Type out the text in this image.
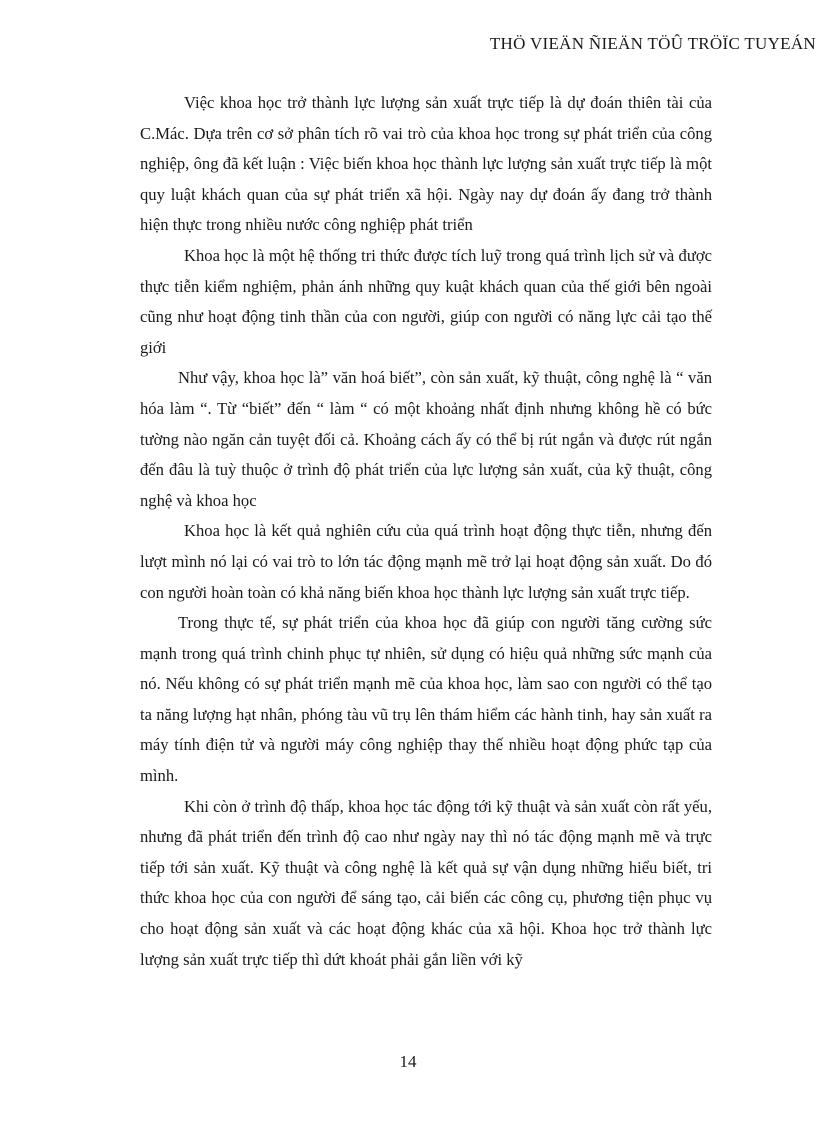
THÖ VIEÄN ÑIEÄN TÖÛ TRÖÏC TUYEÁN

Việc khoa học trở thành lực lượng sản xuất trực tiếp là dự đoán thiên tài của C.Mác. Dựa trên cơ sở phân tích rõ vai trò của khoa học trong sự phát triển của công nghiệp, ông đã kết luận : Việc biến khoa học thành lực lượng sản xuất trực tiếp là một quy luật khách quan của sự phát triển xã hội. Ngày nay dự đoán ấy đang trở thành hiện thực trong nhiều nước công nghiệp phát triển

Khoa học là một hệ thống tri thức được tích luỹ trong quá trình lịch sử và được thực tiễn kiểm nghiệm, phản ánh những quy kuật khách quan của thế giới bên ngoài cũng như hoạt động tinh thần của con người, giúp con người có năng lực cải tạo thế giới

Như vậy, khoa học là” văn hoá biết”, còn sản xuất, kỹ thuật, công nghệ là “ văn hóa làm “. Từ “biết” đến “ làm “ có một khoảng nhất định nhưng không hề có bức tường nào ngăn cản tuyệt đối cả. Khoảng cách ấy có thể bị rút ngắn và được rút ngắn đến đâu là tuỳ thuộc ở trình độ phát triển của lực lượng sản xuất, của kỹ thuật, công nghệ và khoa học

Khoa học là kết quả nghiên cứu của quá trình hoạt động thực tiễn, nhưng đến lượt mình nó lại có vai trò to lớn tác động mạnh mẽ trở lại hoạt động sản xuất. Do đó con người hoàn toàn có khả năng biến khoa học thành lực lượng sản xuất trực tiếp.

Trong thực tế, sự phát triển của khoa học đã giúp con người tăng cường sức mạnh trong quá trình chinh phục tự nhiên, sử dụng có hiệu quả những sức mạnh của nó. Nếu không có sự phát triển mạnh mẽ của khoa học, làm sao con người có thể tạo ta năng lượng hạt nhân, phóng tàu vũ trụ lên thám hiểm các hành tinh, hay sản xuất ra máy tính điện tử và người máy công nghiệp thay thế nhiều hoạt động phức tạp của mình.

Khi còn ở trình độ thấp, khoa học tác động tới kỹ thuật và sản xuất còn rất yếu, nhưng đã phát triển đến trình độ cao như ngày nay thì nó tác động mạnh mẽ và trực tiếp tới sản xuất. Kỹ thuật và công nghệ là kết quả sự vận dụng những hiểu biết, tri thức khoa học của con người để sáng tạo, cải biến các công cụ, phương tiện phục vụ cho hoạt động sản xuất và các hoạt động khác của xã hội. Khoa học trở thành lực lượng sản xuất trực tiếp thì dứt khoát phải gắn liền với kỹ

14
